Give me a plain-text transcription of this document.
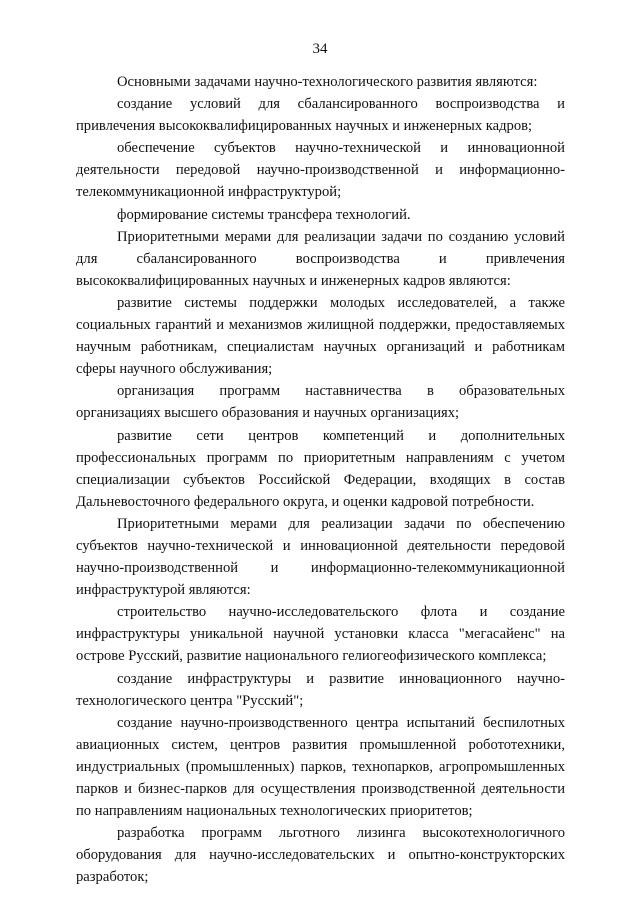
34

Основными задачами научно-технологического развития являются:

создание условий для сбалансированного воспроизводства и привлечения высококвалифицированных научных и инженерных кадров;

обеспечение субъектов научно-технической и инновационной деятельности передовой научно-производственной и информационно-телекоммуникационной инфраструктурой;

формирование системы трансфера технологий.

Приоритетными мерами для реализации задачи по созданию условий для сбалансированного воспроизводства и привлечения высококвалифицированных научных и инженерных кадров являются:

развитие системы поддержки молодых исследователей, а также социальных гарантий и механизмов жилищной поддержки, предоставляемых научным работникам, специалистам научных организаций и работникам сферы научного обслуживания;

организация программ наставничества в образовательных организациях высшего образования и научных организациях;

развитие сети центров компетенций и дополнительных профессиональных программ по приоритетным направлениям с учетом специализации субъектов Российской Федерации, входящих в состав Дальневосточного федерального округа, и оценки кадровой потребности.

Приоритетными мерами для реализации задачи по обеспечению субъектов научно-технической и инновационной деятельности передовой научно-производственной и информационно-телекоммуникационной инфраструктурой являются:

строительство научно-исследовательского флота и создание инфраструктуры уникальной научной установки класса "мегасайенс" на острове Русский, развитие национального гелиогеофизического комплекса;

создание инфраструктуры и развитие инновационного научно-технологического центра "Русский";

создание научно-производственного центра испытаний беспилотных авиационных систем, центров развития промышленной робототехники, индустриальных (промышленных) парков, технопарков, агропромышленных парков и бизнес-парков для осуществления производственной деятельности по направлениям национальных технологических приоритетов;

разработка программ льготного лизинга высокотехнологичного оборудования для научно-исследовательских и опытно-конструкторских разработок;
